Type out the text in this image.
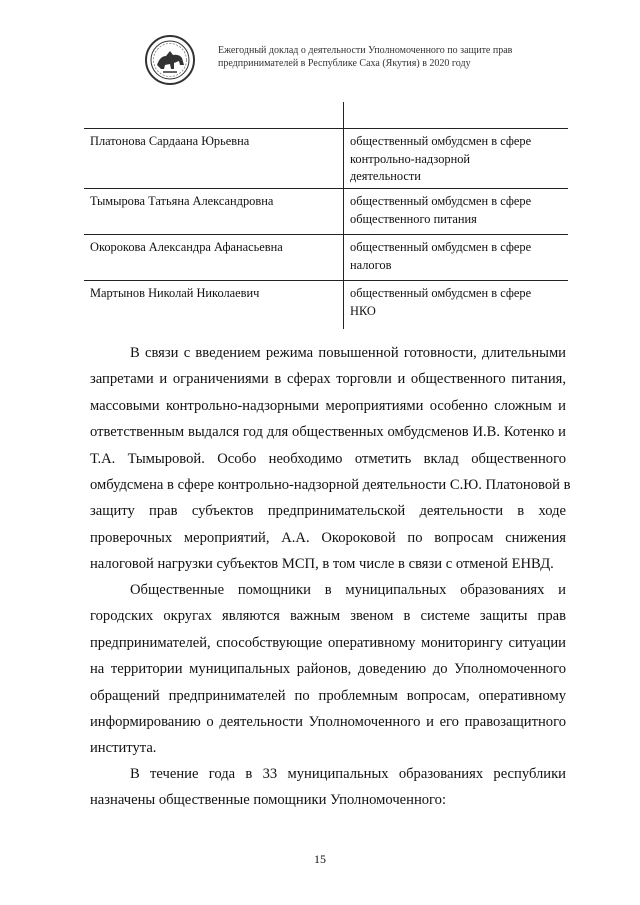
Ежегодный доклад о деятельности Уполномоченного по защите прав
предпринимателей в Республике Саха (Якутия) в 2020 году
Платонова Сардаана Юрьевна	общественный омбудсмен в сфере
контрольно-надзорной
деятельности
Тымырова Татьяна Александровна	общественный омбудсмен в сфере
общественного питания
Окорокова Александра Афанасьевна	общественный омбудсмен в сфере
налогов
Мартынов Николай Николаевич	общественный омбудсмен в сфере
НКО
В связи с введением режима повышенной готовности, длительными
запретами и ограничениями в сферах торговли и общественного питания,
массовыми контрольно-надзорными мероприятиями особенно сложным и
ответственным выдался год для общественных омбудсменов И.В. Котенко и
Т.А. Тымыровой. Особо необходимо отметить вклад общественного
омбудсмена в сфере контрольно-надзорной деятельности С.Ю. Платоновой в
защиту прав субъектов предпринимательской деятельности в ходе
проверочных мероприятий, А.А. Окороковой по вопросам снижения
налоговой нагрузки субъектов МСП, в том числе в связи с отменой ЕНВД.
Общественные помощники в муниципальных образованиях и
городских округах являются важным звеном в системе защиты прав
предпринимателей, способствующие оперативному мониторингу ситуации
на территории муниципальных районов, доведению до Уполномоченного
обращений предпринимателей по проблемным вопросам, оперативному
информированию о деятельности Уполномоченного и его правозащитного
института.
В течение года в 33 муниципальных образованиях республики
назначены общественные помощники Уполномоченного:
15
